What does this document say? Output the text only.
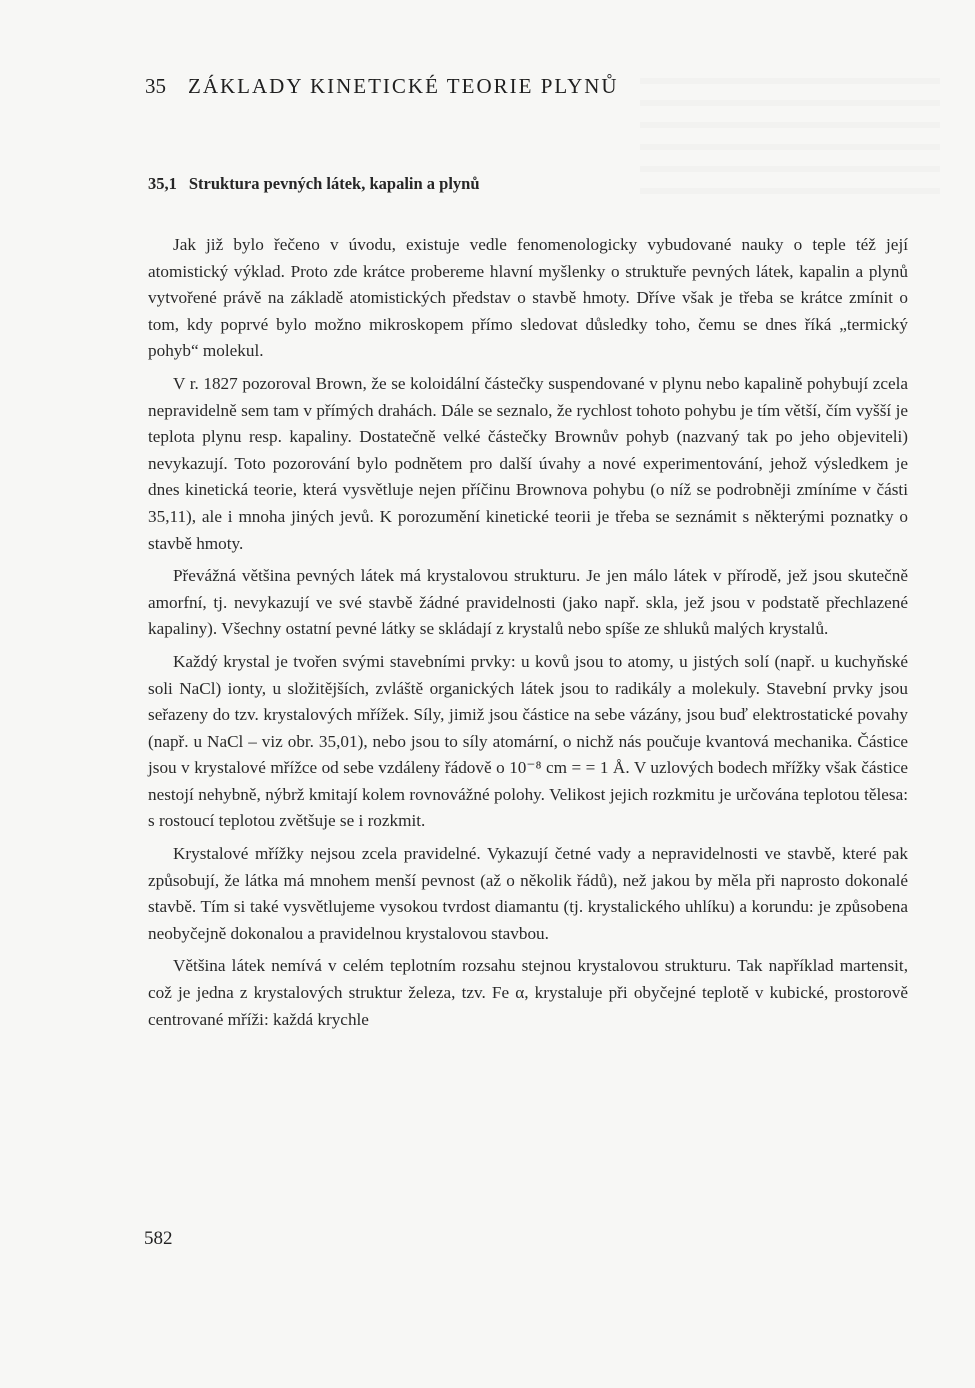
35 ZÁKLADY KINETICKÉ TEORIE PLYNŮ
35,1 Struktura pevných látek, kapalin a plynů

Jak již bylo řečeno v úvodu, existuje vedle fenomenologicky vybudované nauky o teple též její atomistický výklad. Proto zde krátce probereme hlavní myšlenky o struktuře pevných látek, kapalin a plynů vytvořené právě na základě atomistických představ o stavbě hmoty. Dříve však je třeba se krátce zmínit o tom, kdy poprvé bylo možno mikroskopem přímo sledovat důsledky toho, čemu se dnes říká „termický pohyb“ molekul.

V r. 1827 pozoroval Brown, že se koloidální částečky suspendované v plynu nebo kapalině pohybují zcela nepravidelně sem tam v přímých drahách. Dále se seznalo, že rychlost tohoto pohybu je tím větší, čím vyšší je teplota plynu resp. kapaliny. Dostatečně velké částečky Brownův pohyb (nazvaný tak po jeho objeviteli) nevykazují. Toto pozorování bylo podnětem pro další úvahy a nové experimentování, jehož výsledkem je dnes kinetická teorie, která vysvětluje nejen příčinu Brownova pohybu (o níž se podrobněji zmíníme v části 35,11), ale i mnoha jiných jevů. K porozumění kinetické teorii je třeba se seznámit s některými poznatky o stavbě hmoty.

Převážná většina pevných látek má krystalovou strukturu. Je jen málo látek v přírodě, jež jsou skutečně amorfní, tj. nevykazují ve své stavbě žádné pravidelnosti (jako např. skla, jež jsou v podstatě přechlazené kapaliny). Všechny ostatní pevné látky se skládají z krystalů nebo spíše ze shluků malých krystalů.

Každý krystal je tvořen svými stavebními prvky: u kovů jsou to atomy, u jistých solí (např. u kuchyňské soli NaCl) ionty, u složitějších, zvláště organických látek jsou to radikály a molekuly. Stavební prvky jsou seřazeny do tzv. krystalových mřížek. Síly, jimiž jsou částice na sebe vázány, jsou buď elektrostatické povahy (např. u NaCl – viz obr. 35,01), nebo jsou to síly atomární, o nichž nás poučuje kvantová mechanika. Částice jsou v krystalové mřížce od sebe vzdáleny řádově o 10⁻⁸ cm = = 1 Å. V uzlových bodech mřížky však částice nestojí nehybně, nýbrž kmitají kolem rovnovážné polohy. Velikost jejich rozkmitu je určována teplotou tělesa: s rostoucí teplotou zvětšuje se i rozkmit.

Krystalové mřížky nejsou zcela pravidelné. Vykazují četné vady a nepravidelnosti ve stavbě, které pak způsobují, že látka má mnohem menší pevnost (až o několik řádů), než jakou by měla při naprosto dokonalé stavbě. Tím si také vysvětlujeme vysokou tvrdost diamantu (tj. krystalického uhlíku) a korundu: je způsobena neobyčejně dokonalou a pravidelnou krystalovou stavbou.

Většina látek nemívá v celém teplotním rozsahu stejnou krystalovou strukturu. Tak například martensit, což je jedna z krystalových struktur železa, tzv. Fe α, krystaluje při obyčejné teplotě v kubické, prostorově centrované mříži: každá krychle

582
